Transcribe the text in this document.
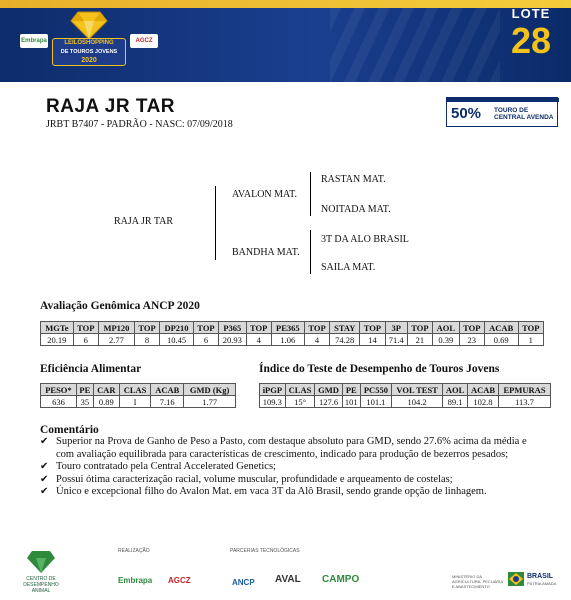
Embrapa	LEILOSHOPPING
DE TOUROS JOVENS
2020
AGCZ
LOTE
28
RAJA JR TAR
JRBT B7407 - PADRÃO - NASC: 07/09/2018
50% TOURO DE CENTRAL AVENDA
RAJA JR TAR
AVALON MAT.
BANDHA MAT.
RASTAN MAT.
NOITADA MAT.
3T DA ALO BRASIL
SAILA MAT.
Avaliação Genômica ANCP 2020
MGTe	TOP	MP120	TOP	DP210	TOP	P365	TOP	PE365	TOP	STAY	TOP	3P	TOP	AOL	TOP	ACAB	TOP
20.19	6	2.77	8	10.45	6	20.93	4	1.06	4	74.28	14	71.4	21	0.39	23	0.69	1
Eficiência Alimentar
PESO*	PE	CAR	CLAS	ACAB	GMD (Kg)
636	35	0.89	I	7.16	1.77
Índice do Teste de Desempenho de Touros Jovens
iPGP	CLAS	GMD	PE	PC550	VOL TEST	AOL	ACAB	EPMURAS
109.3	15°	127.6	101	101.1	104.2	89.1	102.8	113.7
Comentário
✔ Superior na Prova de Ganho de Peso a Pasto, com destaque absoluto para GMD, sendo 27.6% acima da média e com avaliação equilibrada para características de crescimento, indicado para produção de bezerros pesados;
✔ Touro contratado pela Central Accelerated Genetics;
✔ Possui ótima caracterização racial, volume muscular, profundidade e arqueamento de costelas;
✔ Único e excepcional filho do Avalon Mat. em vaca 3T da Alô Brasil, sendo grande opção de linhagem.
CENTRO DE DESEMPENHO ANIMAL
REALIZAÇÃO
Embrapa AGCZ
PARCERIAS TECNOLÓGICAS
ANCP AVAL CAMPO	MINISTÉRIO DA AGRICULTURA, PECUÁRIA E ABASTECIMENTO
BRASIL
PÁTRIA AMADA
